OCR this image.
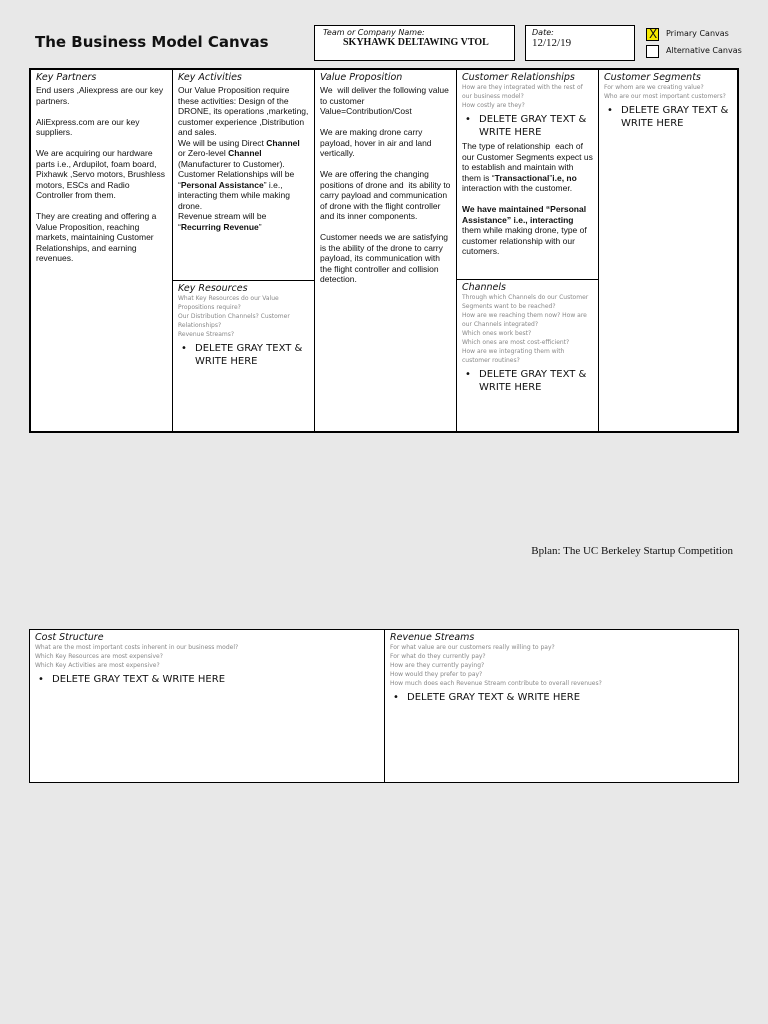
The Business Model Canvas
Team or Company Name:
SKYHAWK DELTAWING VTOL
Date:
12/12/19
X
Primary Canvas
Alternative Canvas
Key Partners
End users ,Aliexpress are our key partners.

AliExpress.com are our key suppliers.

We are acquiring our hardware parts i.e., Ardupilot, foam board, Pixhawk ,Servo motors, Brushless motors, ESCs and Radio Controller from them.

They are creating and offering a Value Proposition, reaching markets, maintaining Customer Relationships, and earning revenues.
Key Activities
Our Value Proposition require these activities: Design of the DRONE, its operations ,marketing, customer experience ,Distribution and sales.
We will be using Direct Channel or Zero-level Channel (Manufacturer to Customer).
Customer Relationships will be “Personal Assistance” i.e., interacting them while making drone.
Revenue stream will be “Recurring Revenue”
Key Resources
What Key Resources do our Value Propositions require?
Our Distribution Channels? Customer Relationships?
Revenue Streams?
• DELETE GRAY TEXT & WRITE HERE
Value Proposition
We  will deliver the following value to customer Value=Contribution/Cost

We are making drone carry payload, hover in air and land vertically.

We are offering the changing positions of drone and  its ability to carry payload and communication of drone with the flight controller and its inner components.

Customer needs we are satisfying is the ability of the drone to carry payload, its communication with the flight controller and collision detection.
Customer Relationships
How are they integrated with the rest of our business model?
How costly are they?
• DELETE GRAY TEXT & WRITE HERE
The type of relationship  each of our Customer Segments expect us to establish and maintain with them is “Transactional”i.e, no interaction with the customer.

We have maintained “Personal Assistance” i.e., interacting them while making drone, type of customer relationship with our cutomers.
Channels
Through which Channels do our Customer Segments want to be reached?
How are we reaching them now? How are our Channels integrated?
Which ones work best?
Which ones are most cost-efficient?
How are we integrating them with customer routines?
• DELETE GRAY TEXT & WRITE HERE
Customer Segments
For whom are we creating value?
Who are our most important customers?
• DELETE GRAY TEXT & WRITE HERE
Bplan: The UC Berkeley Startup Competition
Cost Structure
What are the most important costs inherent in our business model?
Which Key Resources are most expensive?
Which Key Activities are most expensive?
• DELETE GRAY TEXT & WRITE HERE
Revenue Streams
For what value are our customers really willing to pay?
For what do they currently pay?
How are they currently paying?
How would they prefer to pay?
How much does each Revenue Stream contribute to overall revenues?
• DELETE GRAY TEXT & WRITE HERE
